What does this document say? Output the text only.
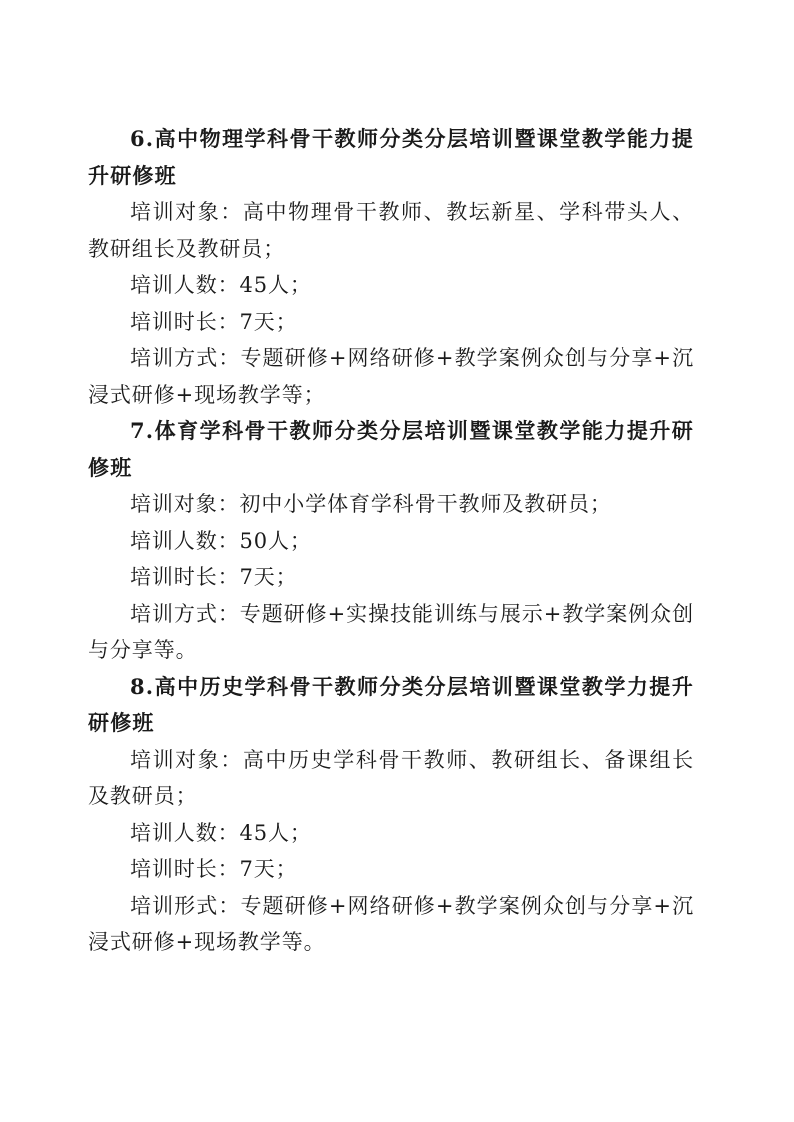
6.高中物理学科骨干教师分类分层培训暨课堂教学能力提升研修班

培训对象：高中物理骨干教师、教坛新星、学科带头人、教研组长及教研员；

培训人数：45人；

培训时长：7天；

培训方式：专题研修+网络研修+教学案例众创与分享+沉浸式研修+现场教学等；

7.体育学科骨干教师分类分层培训暨课堂教学能力提升研修班

培训对象：初中小学体育学科骨干教师及教研员；

培训人数：50人；

培训时长：7天；

培训方式：专题研修+实操技能训练与展示+教学案例众创与分享等。

8.高中历史学科骨干教师分类分层培训暨课堂教学力提升研修班

培训对象：高中历史学科骨干教师、教研组长、备课组长及教研员；

培训人数：45人；

培训时长：7天；

培训形式：专题研修+网络研修+教学案例众创与分享+沉浸式研修+现场教学等。
